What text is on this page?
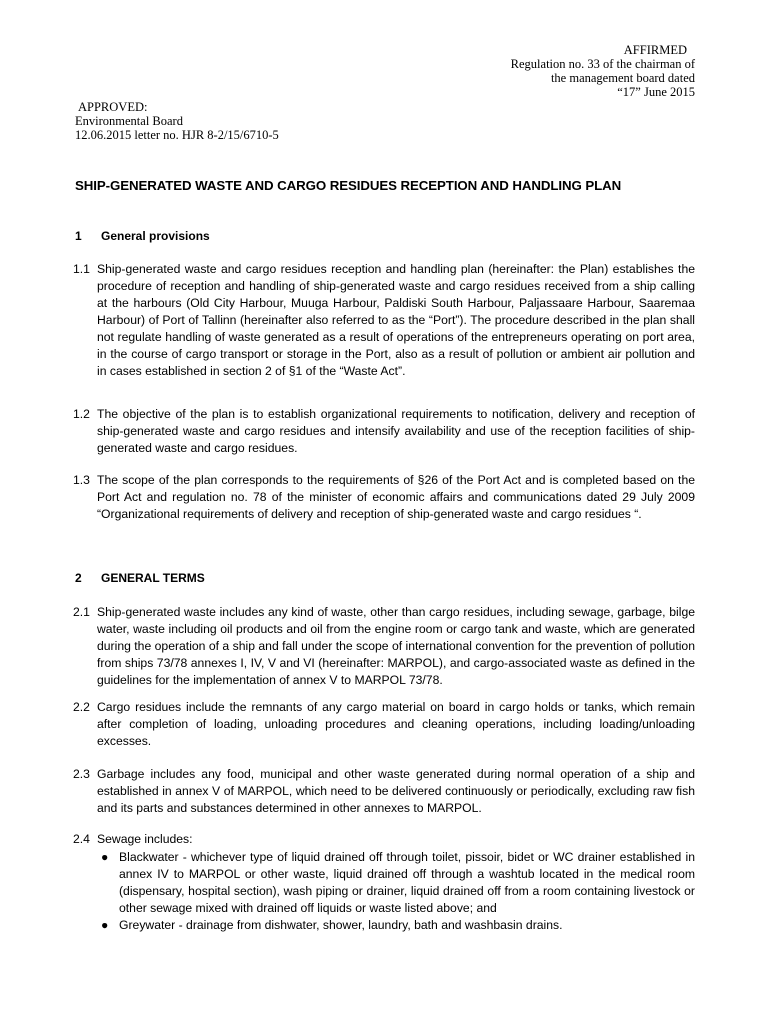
AFFIRMED
Regulation no. 33 of the chairman of
the management board dated
“17” June 2015
APPROVED:
Environmental Board
12.06.2015 letter no. HJR 8-2/15/6710-5
SHIP-GENERATED WASTE AND CARGO RESIDUES RECEPTION AND HANDLING PLAN
1 General provisions
1.1 Ship-generated waste and cargo residues reception and handling plan (hereinafter: the Plan) establishes the procedure of reception and handling of ship-generated waste and cargo residues received from a ship calling at the harbours (Old City Harbour, Muuga Harbour, Paldiski South Harbour, Paljassaare Harbour, Saaremaa Harbour) of Port of Tallinn (hereinafter also referred to as the “Port”). The procedure described in the plan shall not regulate handling of waste generated as a result of operations of the entrepreneurs operating on port area, in the course of cargo transport or storage in the Port, also as a result of pollution or ambient air pollution and in cases established in section 2 of §1 of the “Waste Act”.
1.2 The objective of the plan is to establish organizational requirements to notification, delivery and reception of ship-generated waste and cargo residues and intensify availability and use of the reception facilities of ship-generated waste and cargo residues.
1.3 The scope of the plan corresponds to the requirements of §26 of the Port Act and is completed based on the Port Act and regulation no. 78 of the minister of economic affairs and communications dated 29 July 2009 “Organizational requirements of delivery and reception of ship-generated waste and cargo residues “.
2 GENERAL TERMS
2.1 Ship-generated waste includes any kind of waste, other than cargo residues, including sewage, garbage, bilge water, waste including oil products and oil from the engine room or cargo tank and waste, which are generated during the operation of a ship and fall under the scope of international convention for the prevention of pollution from ships 73/78 annexes I, IV, V and VI (hereinafter: MARPOL), and cargo-associated waste as defined in the guidelines for the implementation of annex V to MARPOL 73/78.
2.2 Cargo residues include the remnants of any cargo material on board in cargo holds or tanks, which remain after completion of loading, unloading procedures and cleaning operations, including loading/unloading excesses.
2.3 Garbage includes any food, municipal and other waste generated during normal operation of a ship and established in annex V of MARPOL, which need to be delivered continuously or periodically, excluding raw fish and its parts and substances determined in other annexes to MARPOL.
2.4 Sewage includes:
● Blackwater - whichever type of liquid drained off through toilet, pissoir, bidet or WC drainer established in annex IV to MARPOL or other waste, liquid drained off through a washtub located in the medical room (dispensary, hospital section), wash piping or drainer, liquid drained off from a room containing livestock or other sewage mixed with drained off liquids or waste listed above; and
● Greywater - drainage from dishwater, shower, laundry, bath and washbasin drains.
